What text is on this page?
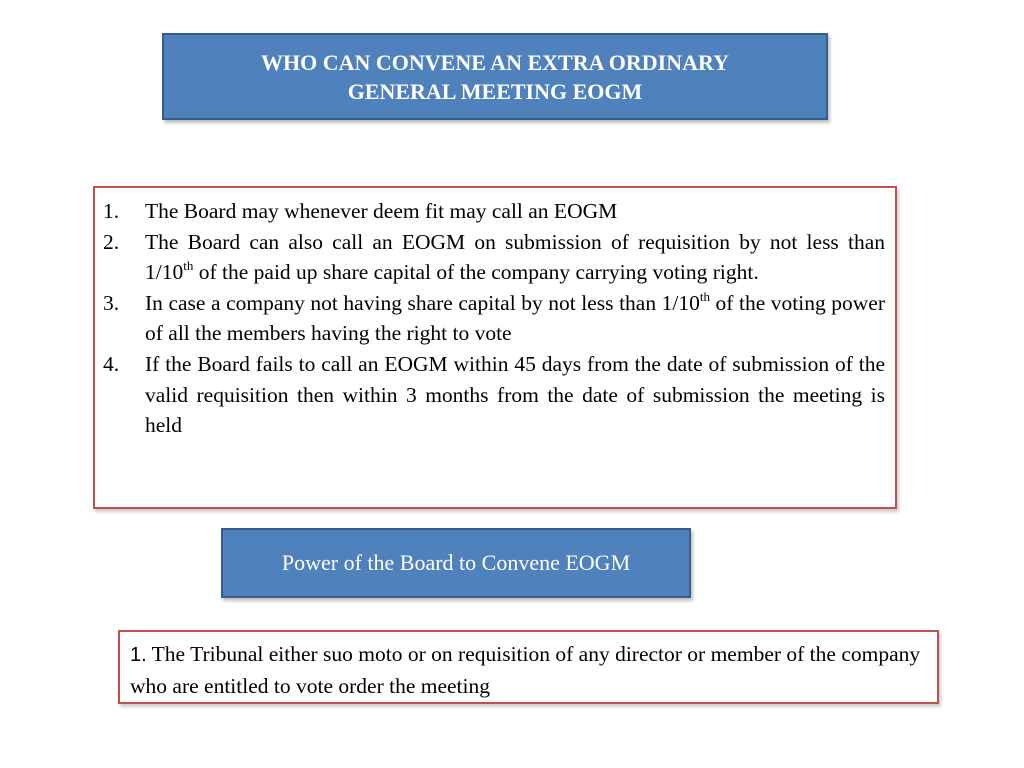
WHO CAN CONVENE AN EXTRA ORDINARY
GENERAL MEETING EOGM
1.	The Board may whenever deem fit may call an EOGM
2.	The Board can also call an EOGM on submission of requisition by not less than 1/10th of the paid up share capital of the company carrying voting right.
3.	In case a company not having share capital by not less than 1/10th of the voting power of all the members having the right to vote
4.	If the Board fails to call an EOGM within 45 days from the date of submission of the valid requisition then within 3 months from the date of submission the meeting is held
Power of the Board to Convene EOGM

1. The Tribunal either suo moto or on requisition of any director or member of the company who are entitled to vote order the meeting
